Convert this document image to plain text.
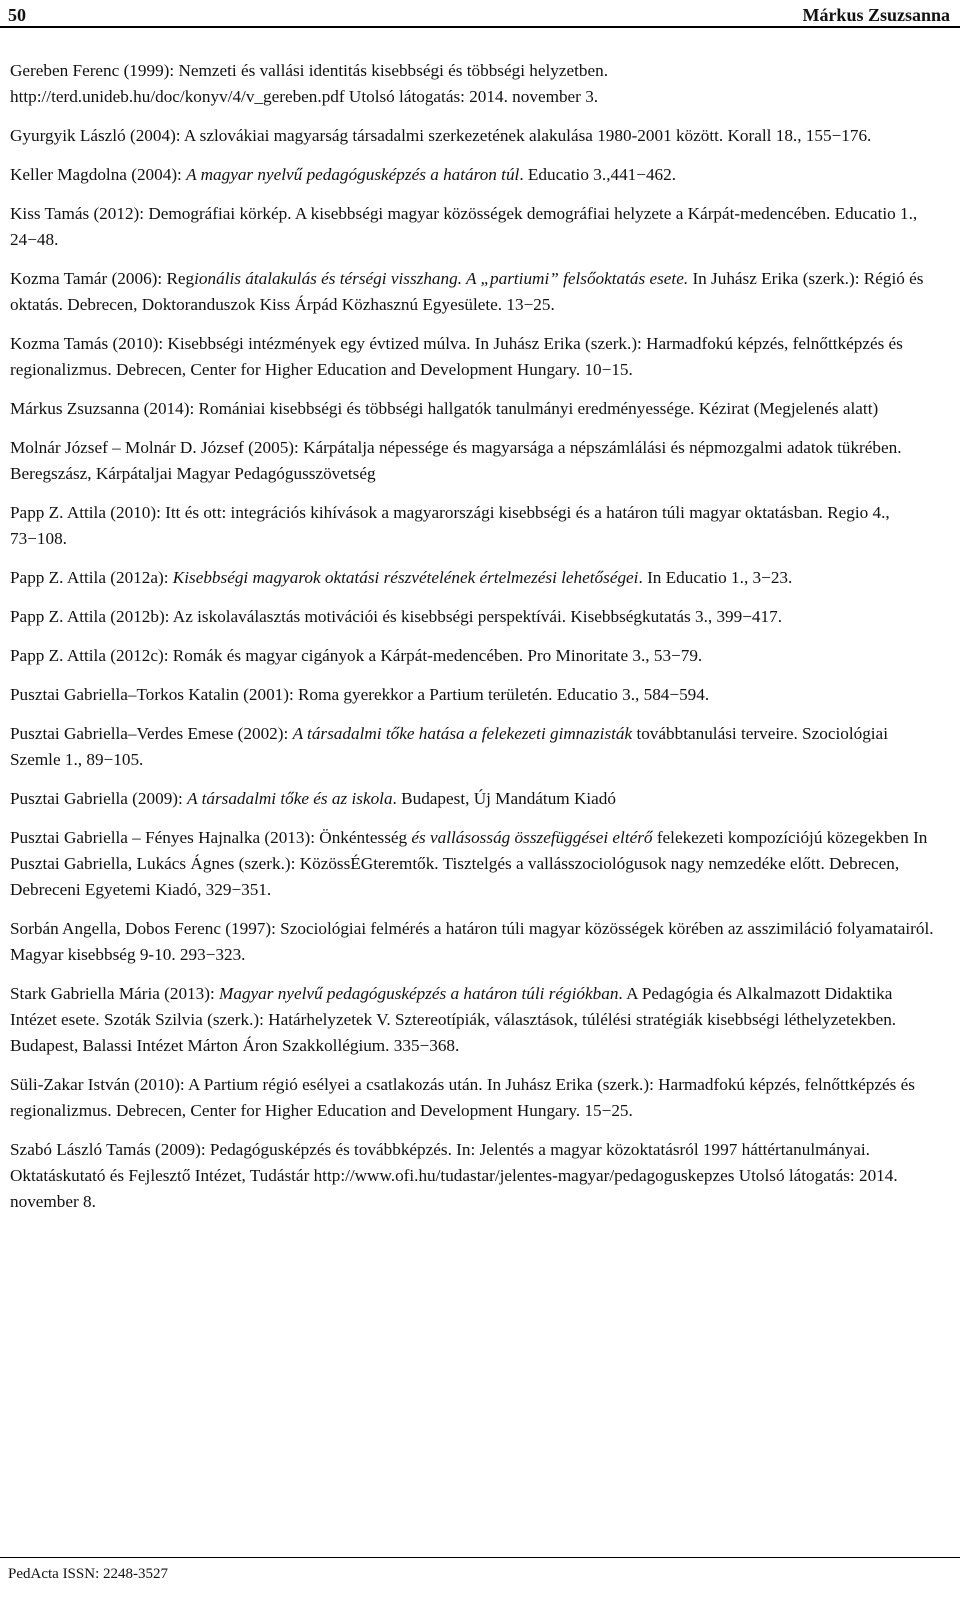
50	Márkus Zsuzsanna

Gereben Ferenc (1999): Nemzeti és vallási identitás kisebbségi és többségi helyzetben. http://terd.unideb.hu/doc/konyv/4/v_gereben.pdf Utolsó látogatás: 2014. november 3.

Gyurgyik László (2004): A szlovákiai magyarság társadalmi szerkezetének alakulása 1980-2001 között. Korall 18., 155−176.

Keller Magdolna (2004): A magyar nyelvű pedagógusképzés a határon túl. Educatio 3.,441−462.

Kiss Tamás (2012): Demográfiai körkép. A kisebbségi magyar közösségek demográfiai helyzete a Kárpát-medencében. Educatio 1., 24−48.

Kozma Tamár (2006): Regionális átalakulás és térségi visszhang. A „partiumi” felsőoktatás esete. In Juhász Erika (szerk.): Régió és oktatás. Debrecen, Doktoranduszok Kiss Árpád Közhasznú Egyesülete. 13−25.

Kozma Tamás (2010): Kisebbségi intézmények egy évtized múlva. In Juhász Erika (szerk.): Harmadfokú képzés, felnőttképzés és regionalizmus. Debrecen, Center for Higher Education and Development Hungary. 10−15.

Márkus Zsuzsanna (2014): Romániai kisebbségi és többségi hallgatók tanulmányi eredményessége. Kézirat (Megjelenés alatt)

Molnár József – Molnár D. József (2005): Kárpátalja népessége és magyarsága a népszámlálási és népmozgalmi adatok tükrében. Beregszász, Kárpátaljai Magyar Pedagógusszövetség

Papp Z. Attila (2010): Itt és ott: integrációs kihívások a magyarországi kisebbségi és a határon túli magyar oktatásban. Regio 4., 73−108.

Papp Z. Attila (2012a): Kisebbségi magyarok oktatási részvételének értelmezési lehetőségei. In Educatio 1., 3−23.

Papp Z. Attila (2012b): Az iskolaválasztás motivációi és kisebbségi perspektívái. Kisebbségkutatás 3., 399−417.

Papp Z. Attila (2012c): Romák és magyar cigányok a Kárpát-medencében. Pro Minoritate 3., 53−79.

Pusztai Gabriella–Torkos Katalin (2001): Roma gyerekkor a Partium területén. Educatio 3., 584−594.

Pusztai Gabriella–Verdes Emese (2002): A társadalmi tőke hatása a felekezeti gimnazisták továbbtanulási terveire. Szociológiai Szemle 1., 89−105.

Pusztai Gabriella (2009): A társadalmi tőke és az iskola. Budapest, Új Mandátum Kiadó

Pusztai Gabriella – Fényes Hajnalka (2013): Önkéntesség és vallásosság összefüggései eltérő felekezeti kompozíciójú közegekben In Pusztai Gabriella, Lukács Ágnes (szerk.): KözössÉGteremtők. Tisztelgés a vallásszociológusok nagy nemzedéke előtt. Debrecen, Debreceni Egyetemi Kiadó, 329−351.

Sorbán Angella, Dobos Ferenc (1997): Szociológiai felmérés a határon túli magyar közösségek körében az asszimiláció folyamatairól. Magyar kisebbség 9-10. 293−323.

Stark Gabriella Mária (2013): Magyar nyelvű pedagógusképzés a határon túli régiókban. A Pedagógia és Alkalmazott Didaktika Intézet esete. Szoták Szilvia (szerk.): Határhelyzetek V. Sztereotípiák, választások, túlélési stratégiák kisebbségi léthelyzetekben. Budapest, Balassi Intézet Márton Áron Szakkollégium. 335−368.

Süli-Zakar István (2010): A Partium régió esélyei a csatlakozás után. In Juhász Erika (szerk.): Harmadfokú képzés, felnőttképzés és regionalizmus. Debrecen, Center for Higher Education and Development Hungary. 15−25.

Szabó László Tamás (2009): Pedagógusképzés és továbbképzés. In: Jelentés a magyar közoktatásról 1997 háttértanulmányai. Oktatáskutató és Fejlesztő Intézet, Tudástár http://www.ofi.hu/tudastar/jelentes-magyar/pedagoguskepzes Utolsó látogatás: 2014. november 8.

PedActa ISSN: 2248-3527
